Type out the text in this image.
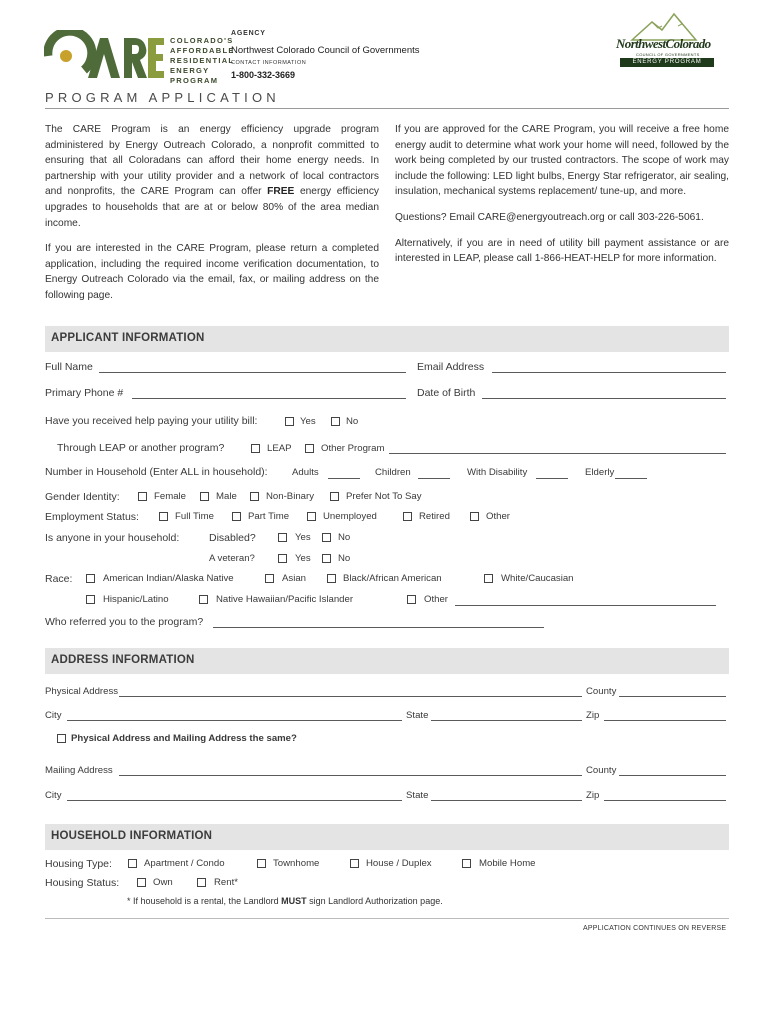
COLORADO'S
AFFORDABLE
RESIDENTIAL
ENERGY
PROGRAM
AGENCY
Northwest Colorado Council of Governments
CONTACT INFORMATION
1-800-332-3669
NorthwestColorado
COUNCIL OF GOVERNMENTS
ENERGY PROGRAM
PROGRAM APPLICATION

The CARE Program is an energy efficiency upgrade program administered by Energy Outreach Colorado, a nonprofit committed to ensuring that all Coloradans can afford their home energy needs. In partnership with your utility provider and a network of local contractors and nonprofits, the CARE Program can offer FREE energy efficiency upgrades to households that are at or below 80% of the area median income.

If you are interested in the CARE Program, please return a completed application, including the required income verification documentation, to Energy Outreach Colorado via the email, fax, or mailing address on the following page.

If you are approved for the CARE Program, you will receive a free home energy audit to determine what work your home will need, followed by the work being completed by our trusted contractors. The scope of work may include the following: LED light bulbs, Energy Star refrigerator, air sealing, insulation, mechanical systems replacement/ tune-up, and more.

Questions? Email CARE@energyoutreach.org or call 303-226-5061.

Alternatively, if you are in need of utility bill payment assistance or are interested in LEAP, please call 1-866-HEAT-HELP for more information.

APPLICANT INFORMATION
Full Name	Email Address
Primary Phone #	Date of Birth
Have you received help paying your utility bill:	Yes	No
Through LEAP or another program?	LEAP	Other Program
Number in Household (Enter ALL in household):	Adults	Children	With Disability	Elderly
Gender Identity:	Female	Male	Non-Binary	Prefer Not To Say
Employment Status:	Full Time	Part Time	Unemployed	Retired	Other
Is anyone in your household:	Disabled?	Yes	No
A veteran?	Yes	No
Race:	American Indian/Alaska Native	Asian	Black/African American	White/Caucasian
Hispanic/Latino	Native Hawaiian/Pacific Islander	Other
Who referred you to the program?
ADDRESS INFORMATION
Physical Address	County
City	State	Zip
Physical Address and Mailing Address the same?
Mailing Address	County
City	State	Zip
HOUSEHOLD INFORMATION
Housing Type:	Apartment / Condo	Townhome	House / Duplex	Mobile Home
Housing Status:	Own	Rent*
* If household is a rental, the Landlord MUST sign Landlord Authorization page.
APPLICATION CONTINUES ON REVERSE
